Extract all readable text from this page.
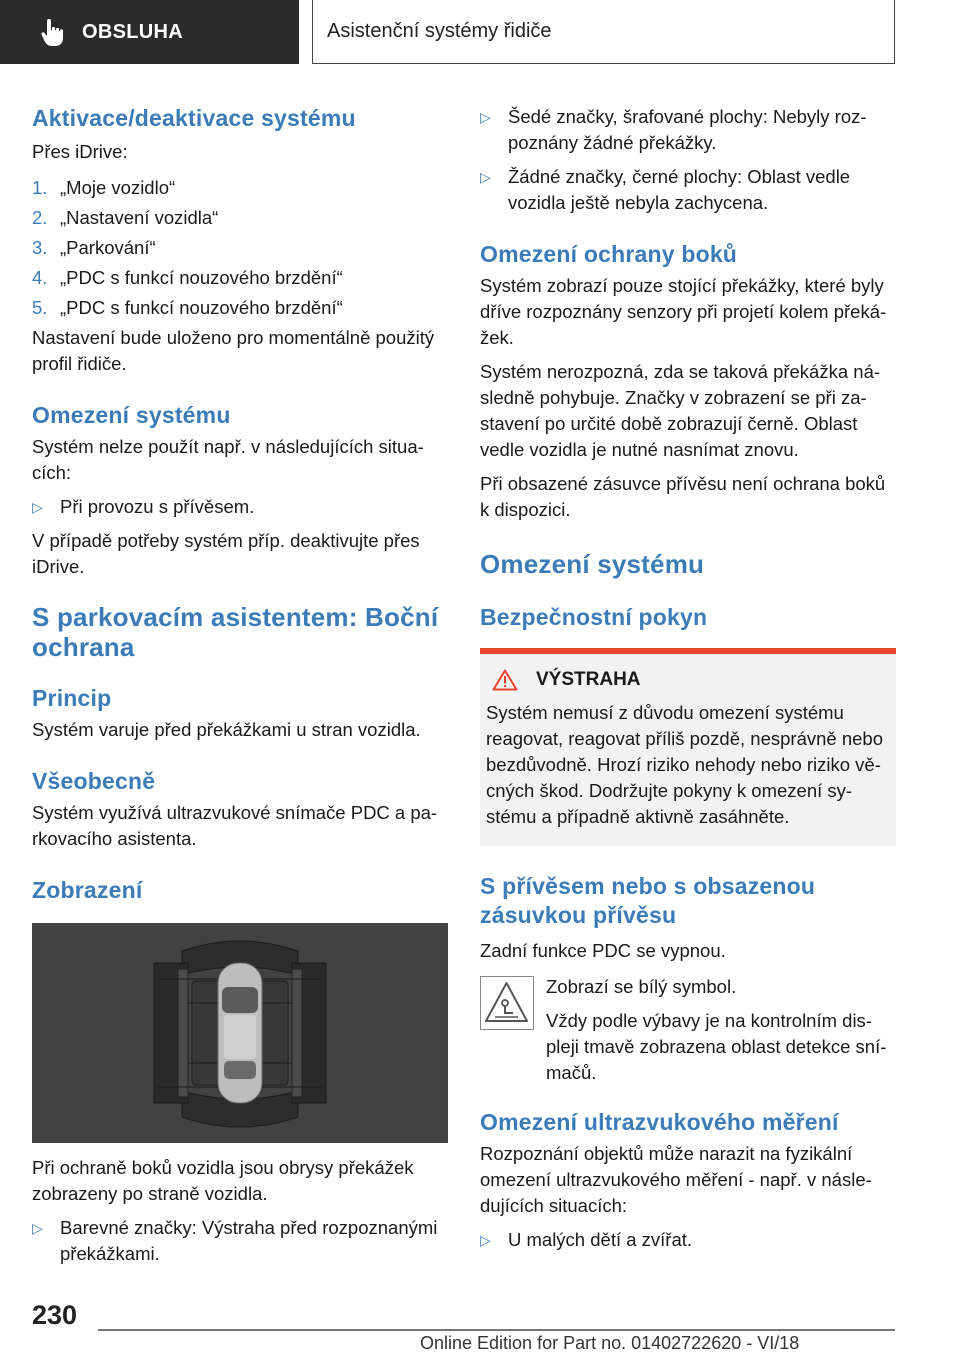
OBSLUHA	Asistenční systémy řidiče
Aktivace/deaktivace systému

Přes iDrive:

1. „Moje vozidlo“
2. „Nastavení vozidla“
3. „Parkování“
4. „PDC s funkcí nouzového brzdění“
5. „PDC s funkcí nouzového brzdění“

Nastavení bude uloženo pro momentálně použitý profil řidiče.

Omezení systému

Systém nelze použít např. v následujících situa-cích:

▷ Při provozu s přívěsem.

V případě potřeby systém příp. deaktivujte přes iDrive.

S parkovacím asistentem: Boční ochrana
Princip

Systém varuje před překážkami u stran vozidla.

Všeobecně

Systém využívá ultrazvukové snímače PDC a pa-rkovacího asistenta.

Zobrazení

Při ochraně boků vozidla jsou obrysy překážek zobrazeny po straně vozidla.

▷ Barevné značky: Výstraha před rozpoznanými překážkami.
▷ Šedé značky, šrafované plochy: Nebyly roz-poznány žádné překážky.
▷ Žádné značky, černé plochy: Oblast vedle vozidla ještě nebyla zachycena.
Omezení ochrany boků

Systém zobrazí pouze stojící překážky, které byly dříve rozpoznány senzory při projetí kolem překá-žek.

Systém nerozpozná, zda se taková překážka ná-sledně pohybuje. Značky v zobrazení se při za-stavení po určité době zobrazují černě. Oblast vedle vozidla je nutné nasnímat znovu.

Při obsazené zásuvce přívěsu není ochrana boků k dispozici.

Omezení systému
Bezpečnostní pokyn
VÝSTRAHA

Systém nemusí z důvodu omezení systému reagovat, reagovat příliš pozdě, nesprávně nebo bezdůvodně. Hrozí riziko nehody nebo riziko vě-cných škod. Dodržujte pokyny k omezení sy-stému a případně aktivně zasáhněte.

S přívěsem nebo s obsazenou zásuvkou přívěsu

Zadní funkce PDC se vypnou.

Zobrazí se bílý symbol.

Vždy podle výbavy je na kontrolním dis-pleji tmavě zobrazena oblast detekce sní-mačů.

Omezení ultrazvukového měření

Rozpoznání objektů může narazit na fyzikální omezení ultrazvukového měření - např. v násle-dujících situacích:

▷ U malých dětí a zvířat.
230
Online Edition for Part no. 01402722620 - VI/18
